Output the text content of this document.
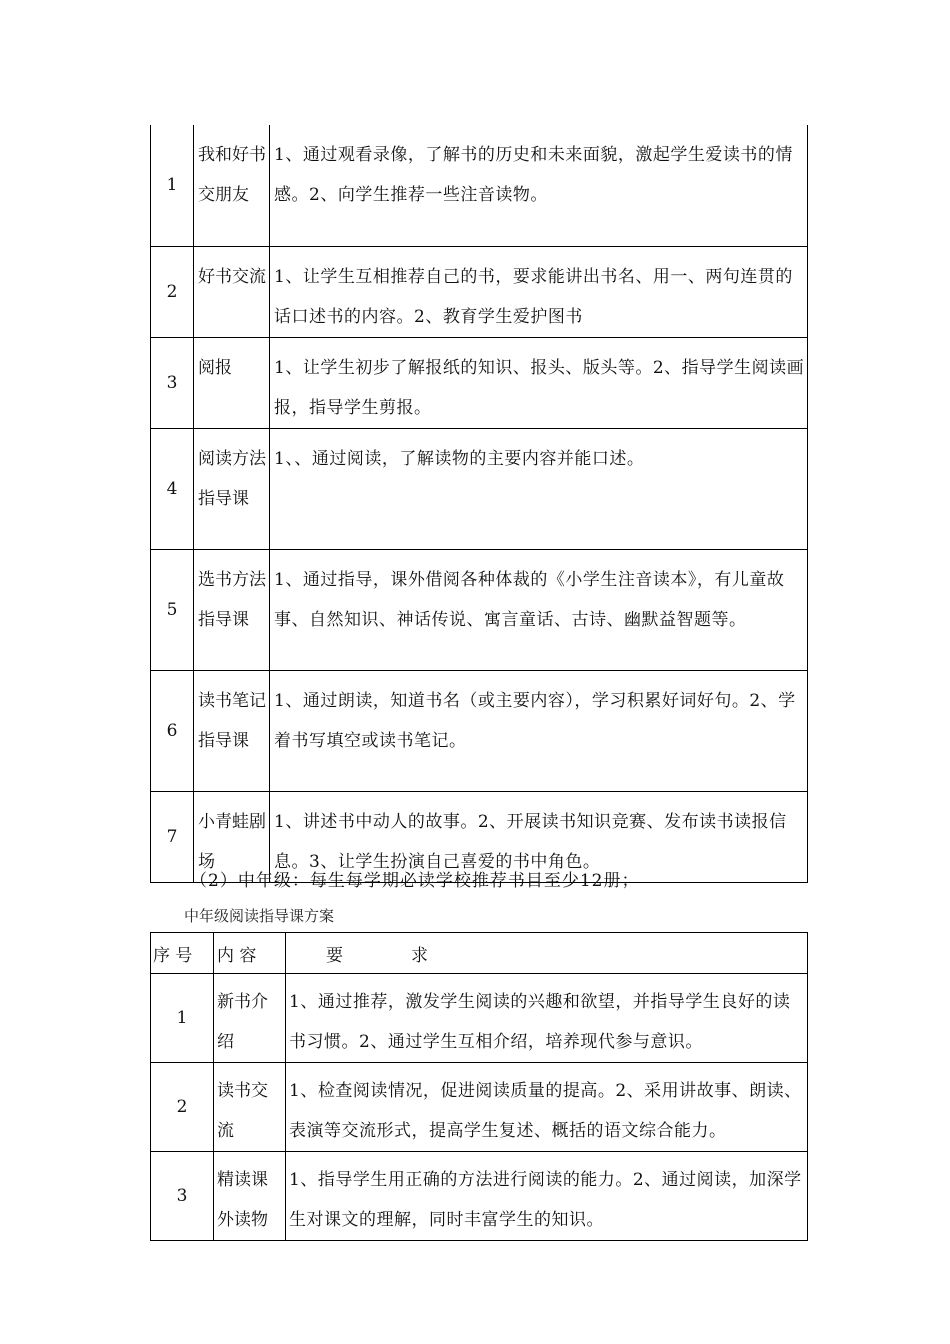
1	我和好书交朋友	1、通过观看录像，了解书的历史和未来面貌，激起学生爱读书的情感。2、向学生推荐一些注音读物。
2	好书交流	1、让学生互相推荐自己的书，要求能讲出书名、用一、两句连贯的话口述书的内容。2、教育学生爱护图书
3	阅报	1、让学生初步了解报纸的知识、报头、版头等。2、指导学生阅读画报，指导学生剪报。
4	阅读方法指导课	1、、通过阅读，了解读物的主要内容并能口述。
5	选书方法指导课	1、通过指导，课外借阅各种体裁的《小学生注音读本》，有儿童故事、自然知识、神话传说、寓言童话、古诗、幽默益智题等。
6	读书笔记指导课	1、通过朗读，知道书名（或主要内容），学习积累好词好句。2、学着书写填空或读书笔记。
7	小青蛙剧场	1、讲述书中动人的故事。2、开展读书知识竞赛、发布读书读报信息。3、让学生扮演自己喜爱的书中角色。
（2）中年级：每生每学期必读学校推荐书目至少12册；
中年级阅读指导课方案
序 号	内 容	要　　　　求
1	新书介绍	1、通过推荐，激发学生阅读的兴趣和欲望，并指导学生良好的读书习惯。2、通过学生互相介绍，培养现代参与意识。
2	读书交流	1、检查阅读情况，促进阅读质量的提高。2、采用讲故事、朗读、表演等交流形式，提高学生复述、概括的语文综合能力。
3	精读课外读物	1、指导学生用正确的方法进行阅读的能力。2、通过阅读，加深学生对课文的理解，同时丰富学生的知识。
